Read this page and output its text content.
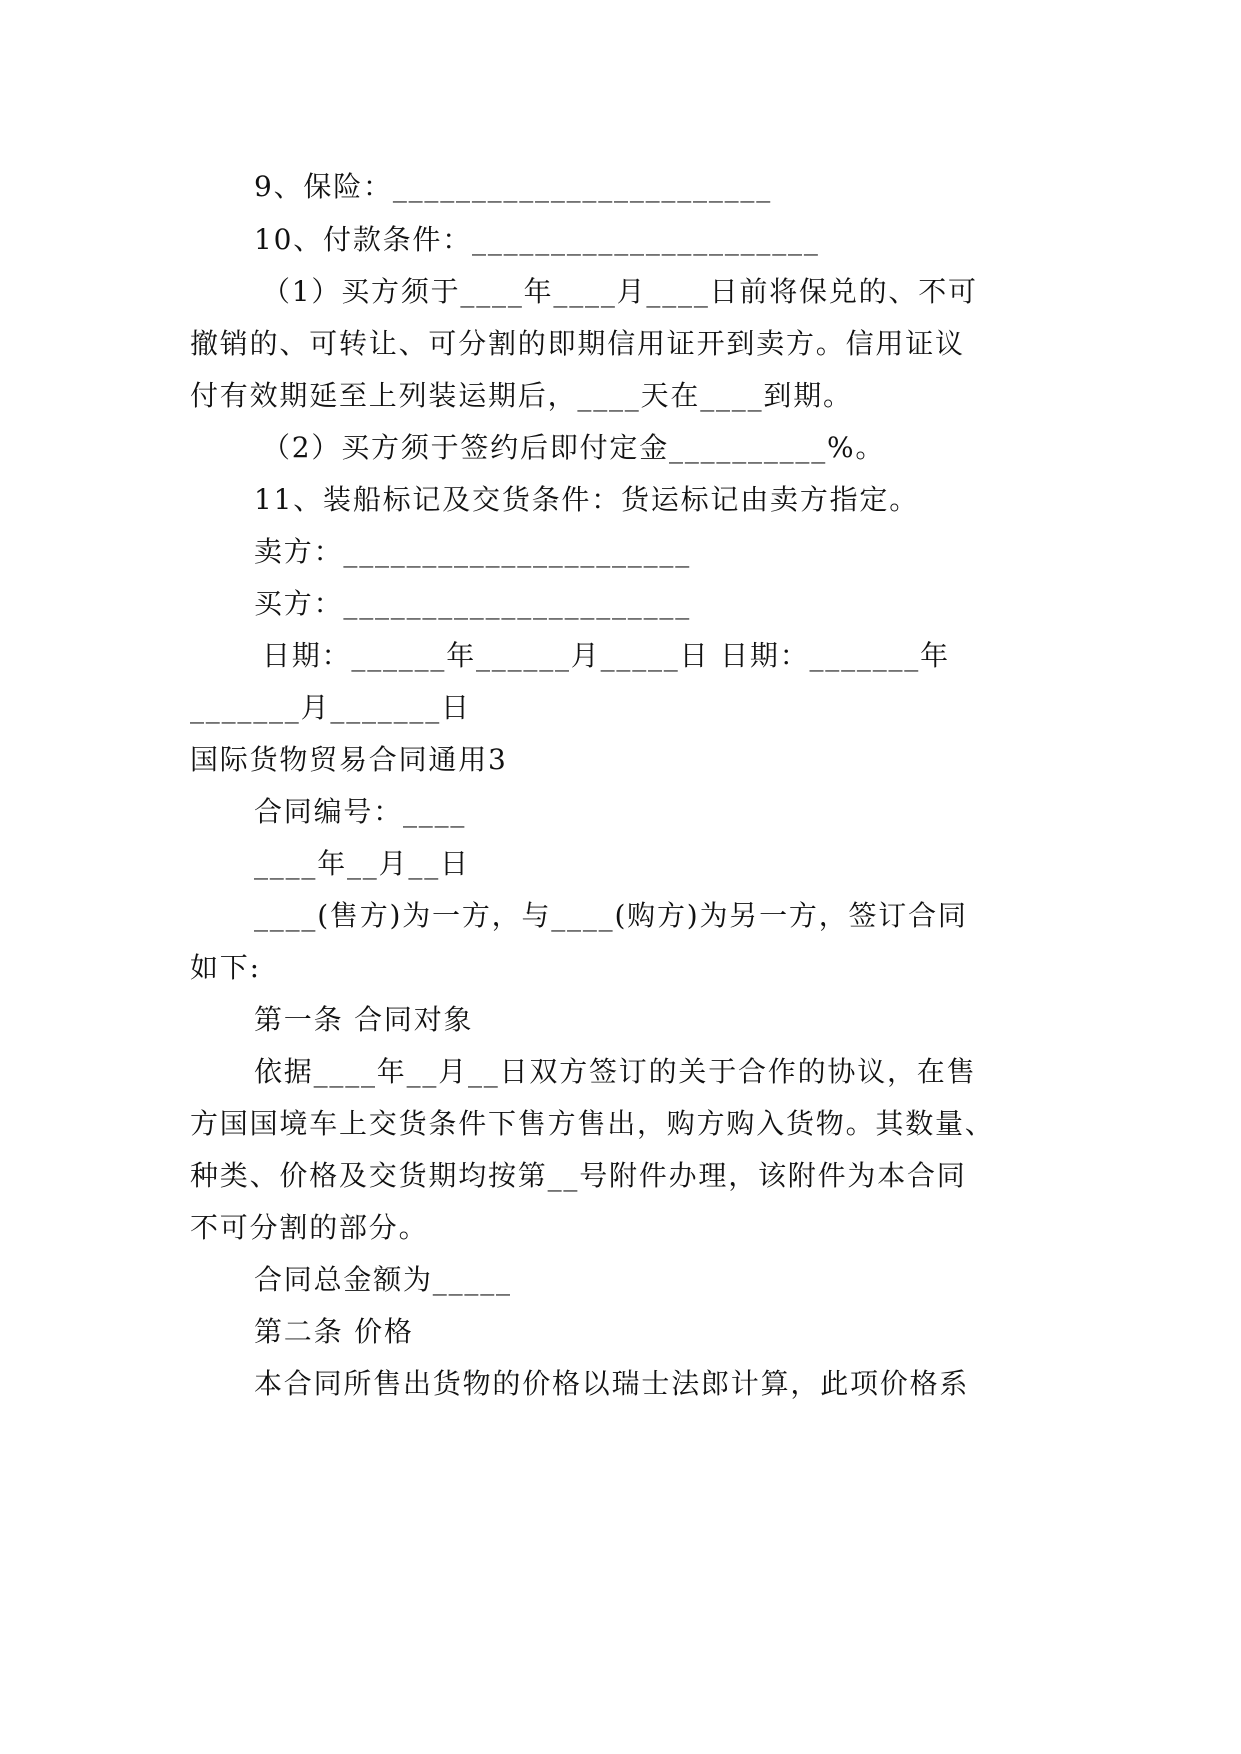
9、保险：________________________
10、付款条件：______________________
（1）买方须于____年____月____日前将保兑的、不可
撤销的、可转让、可分割的即期信用证开到卖方。信用证议
付有效期延至上列装运期后，____天在____到期。
（2）买方须于签约后即付定金__________%。
11、装船标记及交货条件：货运标记由卖方指定。
卖方：______________________
买方：______________________
日期：______年______月_____日 日期：_______年
_______月_______日
国际货物贸易合同通用3
合同编号：____
____年__月__日
____(售方)为一方，与____(购方)为另一方，签订合同
如下:
第一条 合同对象
依据____年__月__日双方签订的关于合作的协议，在售
方国国境车上交货条件下售方售出，购方购入货物。其数量、
种类、价格及交货期均按第__号附件办理，该附件为本合同
不可分割的部分。
合同总金额为_____
第二条 价格
本合同所售出货物的价格以瑞士法郎计算，此项价格系
